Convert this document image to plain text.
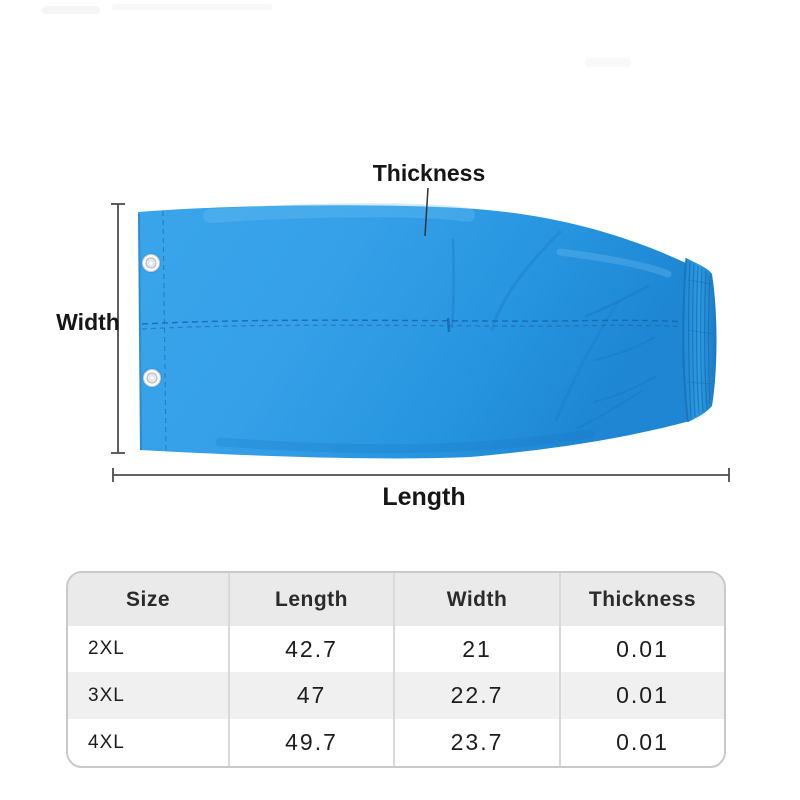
Thickness
Width
Length
Size	Length	Width	Thickness
2XL	42.7	21	0.01
3XL	47	22.7	0.01
4XL	49.7	23.7	0.01
